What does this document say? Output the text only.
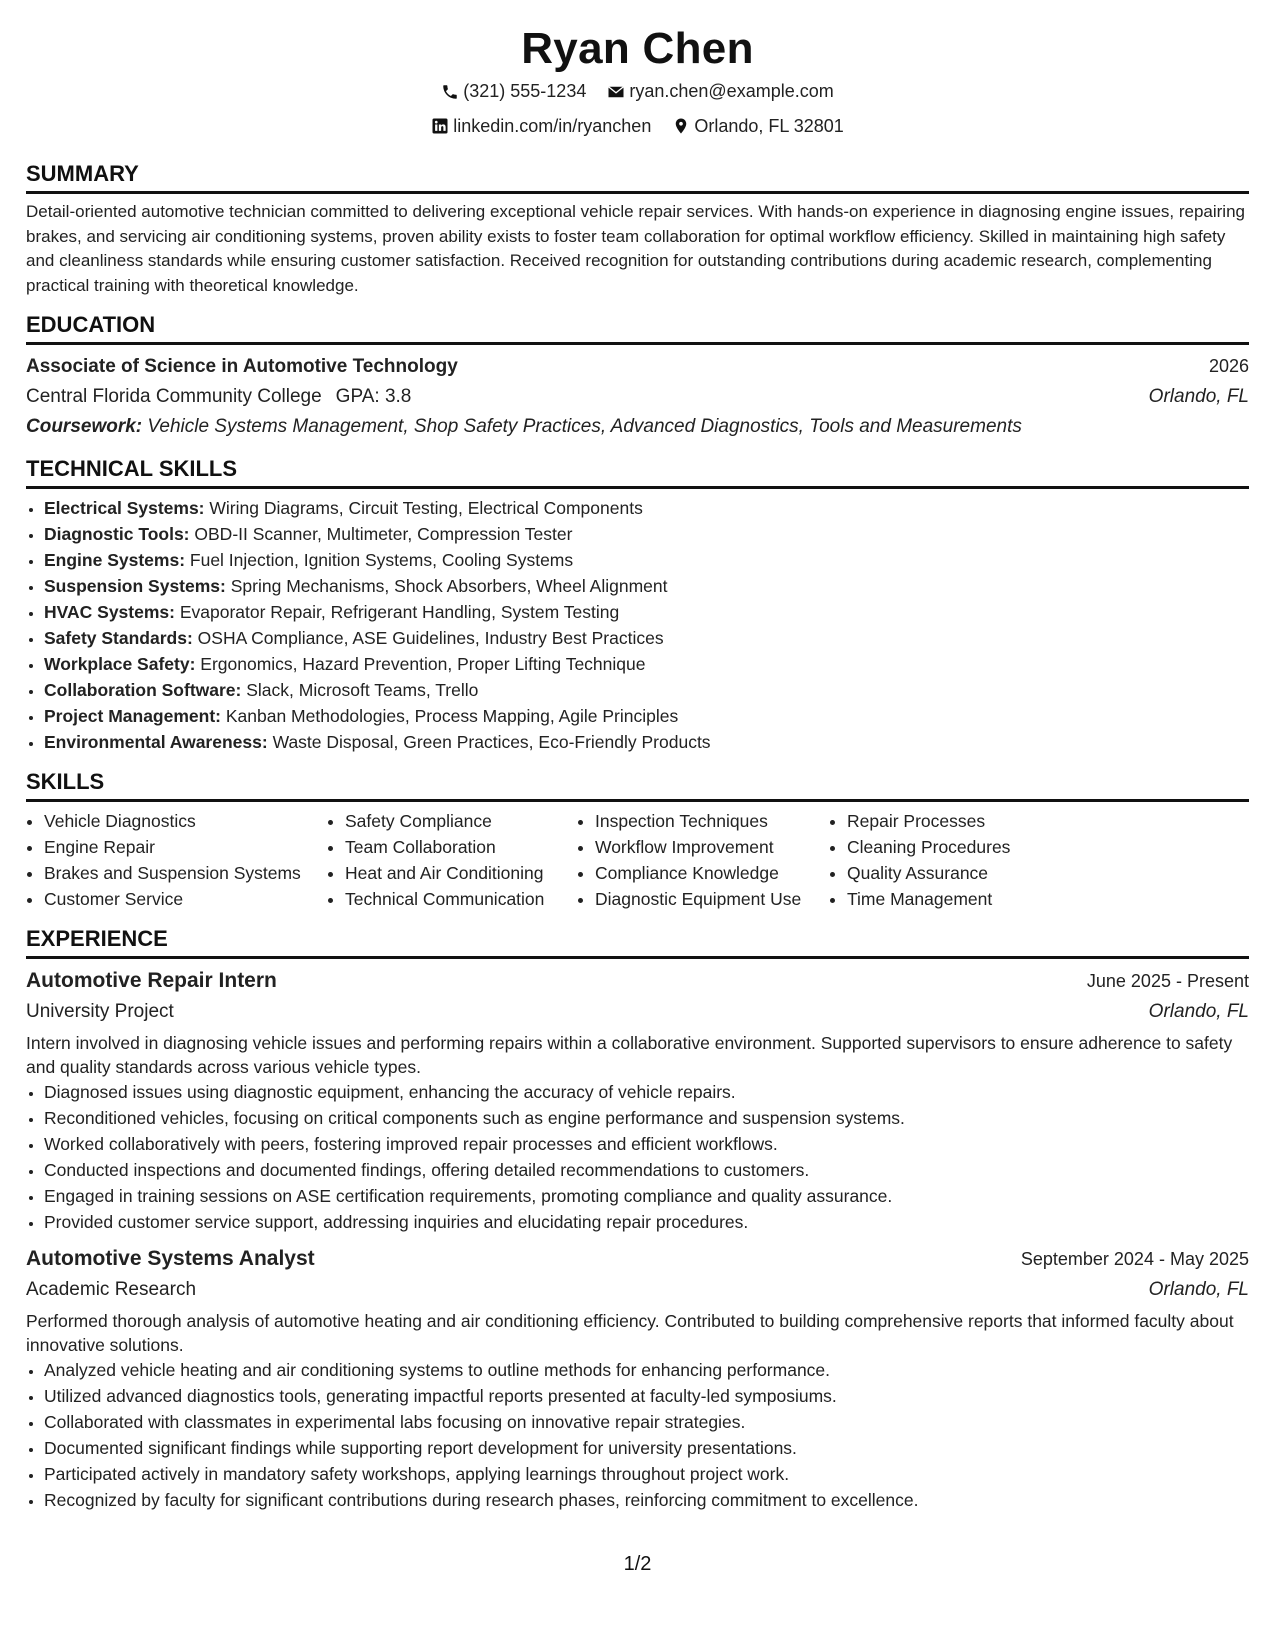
Ryan Chen
(321) 555-1234
ryan.chen@example.com
linkedin.com/in/ryanchen
Orlando, FL 32801
SUMMARY

Detail-oriented automotive technician committed to delivering exceptional vehicle repair services. With hands-on experience in diagnosing engine issues, repairing brakes, and servicing air conditioning systems, proven ability exists to foster team collaboration for optimal workflow efficiency. Skilled in maintaining high safety and cleanliness standards while ensuring customer satisfaction. Received recognition for outstanding contributions during academic research, complementing practical training with theoretical knowledge.

EDUCATION
Associate of Science in Automotive Technology	2026
Central Florida Community College GPA: 3.8	Orlando, FL
Coursework: Vehicle Systems Management, Shop Safety Practices, Advanced Diagnostics, Tools and Measurements
TECHNICAL SKILLS
• Electrical Systems: Wiring Diagrams, Circuit Testing, Electrical Components
• Diagnostic Tools: OBD-II Scanner, Multimeter, Compression Tester
• Engine Systems: Fuel Injection, Ignition Systems, Cooling Systems
• Suspension Systems: Spring Mechanisms, Shock Absorbers, Wheel Alignment
• HVAC Systems: Evaporator Repair, Refrigerant Handling, System Testing
• Safety Standards: OSHA Compliance, ASE Guidelines, Industry Best Practices
• Workplace Safety: Ergonomics, Hazard Prevention, Proper Lifting Technique
• Collaboration Software: Slack, Microsoft Teams, Trello
• Project Management: Kanban Methodologies, Process Mapping, Agile Principles
• Environmental Awareness: Waste Disposal, Green Practices, Eco-Friendly Products
SKILLS
• Vehicle Diagnostics
• Engine Repair
• Brakes and Suspension Systems
• Customer Service
• Safety Compliance
• Team Collaboration
• Heat and Air Conditioning
• Technical Communication
• Inspection Techniques
• Workflow Improvement
• Compliance Knowledge
• Diagnostic Equipment Use
• Repair Processes
• Cleaning Procedures
• Quality Assurance
• Time Management
EXPERIENCE
Automotive Repair Intern	June 2025 - Present
University Project	Orlando, FL

Intern involved in diagnosing vehicle issues and performing repairs within a collaborative environment. Supported supervisors to ensure adherence to safety and quality standards across various vehicle types.

• Diagnosed issues using diagnostic equipment, enhancing the accuracy of vehicle repairs.
• Reconditioned vehicles, focusing on critical components such as engine performance and suspension systems.
• Worked collaboratively with peers, fostering improved repair processes and efficient workflows.
• Conducted inspections and documented findings, offering detailed recommendations to customers.
• Engaged in training sessions on ASE certification requirements, promoting compliance and quality assurance.
• Provided customer service support, addressing inquiries and elucidating repair procedures.
Automotive Systems Analyst	September 2024 - May 2025
Academic Research	Orlando, FL

Performed thorough analysis of automotive heating and air conditioning efficiency. Contributed to building comprehensive reports that informed faculty about innovative solutions.

• Analyzed vehicle heating and air conditioning systems to outline methods for enhancing performance.
• Utilized advanced diagnostics tools, generating impactful reports presented at faculty-led symposiums.
• Collaborated with classmates in experimental labs focusing on innovative repair strategies.
• Documented significant findings while supporting report development for university presentations.
• Participated actively in mandatory safety workshops, applying learnings throughout project work.
• Recognized by faculty for significant contributions during research phases, reinforcing commitment to excellence.
1/2
